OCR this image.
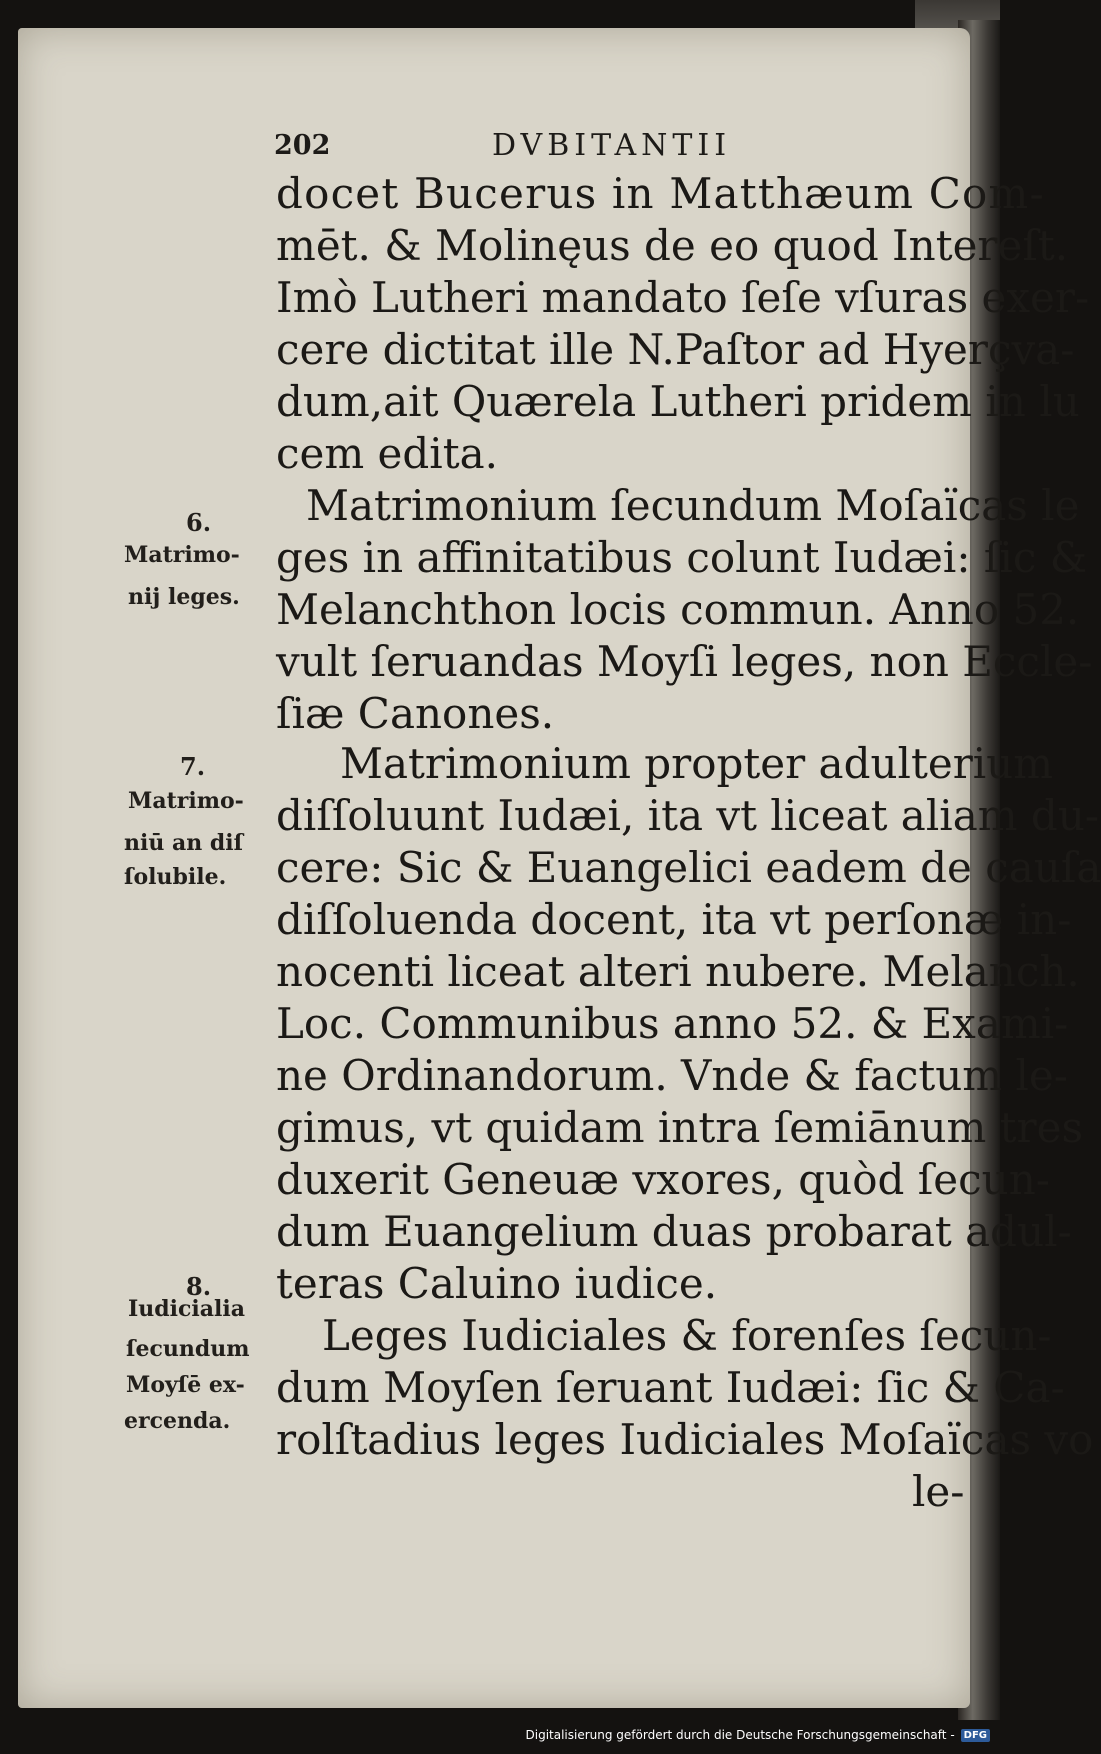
202	DVBITANTII
docet Bucerus in Matthæum Com-
mēt. & Molinęus de eo quod Intereſt.
Imò Lutheri mandato ſeſe vſuras exer-
cere dictitat ille N.Paſtor ad Hyerçva-
dum,ait Quærela Lutheri pridem in lu
cem edita.
Matrimonium ſecundum Moſaïcas le
ges in affinitatibus colunt Iudæi: ſic &
Melanchthon locis commun. Anno 52.
vult ſeruandas Moyſi leges, non Eccle-
ſiæ Canones.
Matrimonium propter adulterium
diſſoluunt Iudæi, ita vt liceat aliam du-
cere: Sic & Euangelici eadem de cauſa
diſſoluenda docent, ita vt perſonæ in-
nocenti liceat alteri nubere. Melanch.
Loc. Communibus anno 52. & Exami-
ne Ordinandorum. Vnde & factum le-
gimus, vt quidam intra ſemiānum tres
duxerit Geneuæ vxores, quòd ſecun-
dum Euangelium duas probarat adul-
teras Caluino iudice.
Leges Iudiciales & forenſes ſecun-
dum Moyſen ſeruant Iudæi: ſic & Ca-
rolſtadius leges Iudiciales Moſaïcas vo
le-
6.
Matrimo-
nij leges.
7.
Matrimo-
niū an diſ
ſolubile.
8.
Iudicialia
ſecundum
Moyſē ex-
ercenda.
Digitalisierung gefördert durch die Deutsche Forschungsgemeinschaft - DFG
